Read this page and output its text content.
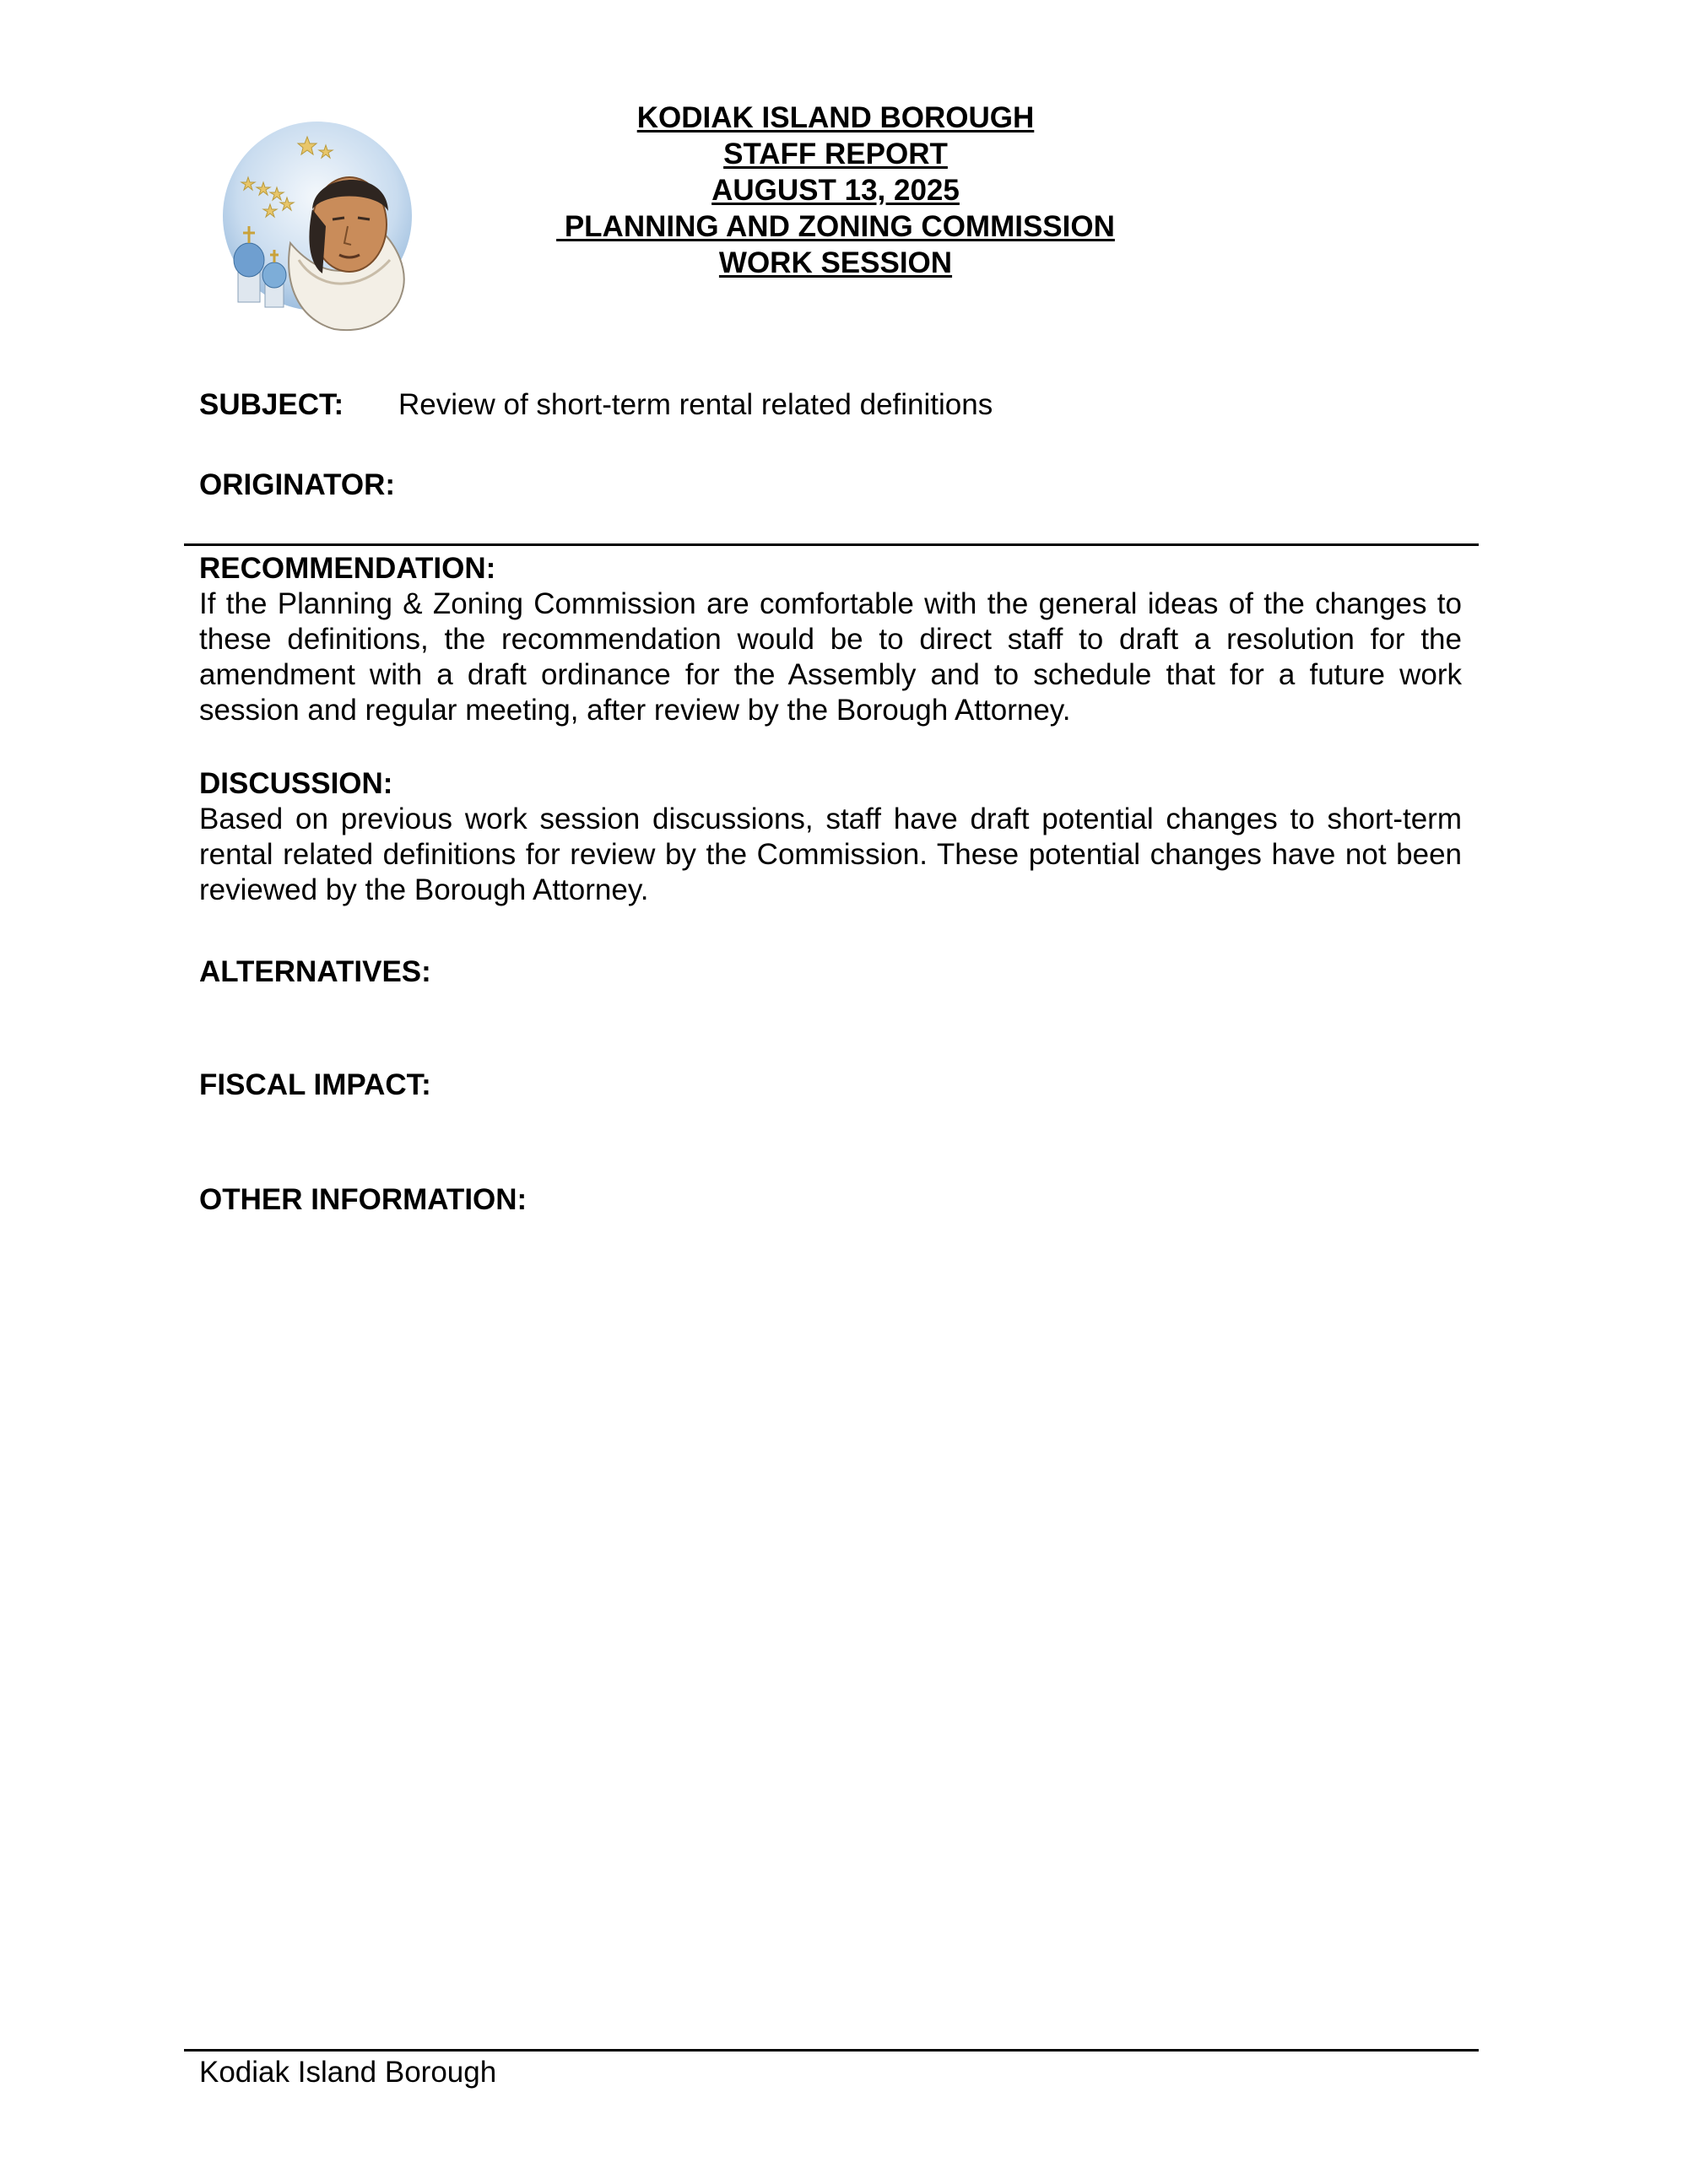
KODIAK ISLAND BOROUGH
STAFF REPORT
AUGUST 13, 2025
PLANNING AND ZONING COMMISSION
WORK SESSION
SUBJECT: Review of short-term rental related definitions
ORIGINATOR:
RECOMMENDATION:
If the Planning & Zoning Commission are comfortable with the general ideas of the changes to these definitions, the recommendation would be to direct staff to draft a resolution for the amendment with a draft ordinance for the Assembly and to schedule that for a future work session and regular meeting, after review by the Borough Attorney.
DISCUSSION:
Based on previous work session discussions, staff have draft potential changes to short-term rental related definitions for review by the Commission. These potential changes have not been reviewed by the Borough Attorney.
ALTERNATIVES:
FISCAL IMPACT:
OTHER INFORMATION:
Kodiak Island Borough
